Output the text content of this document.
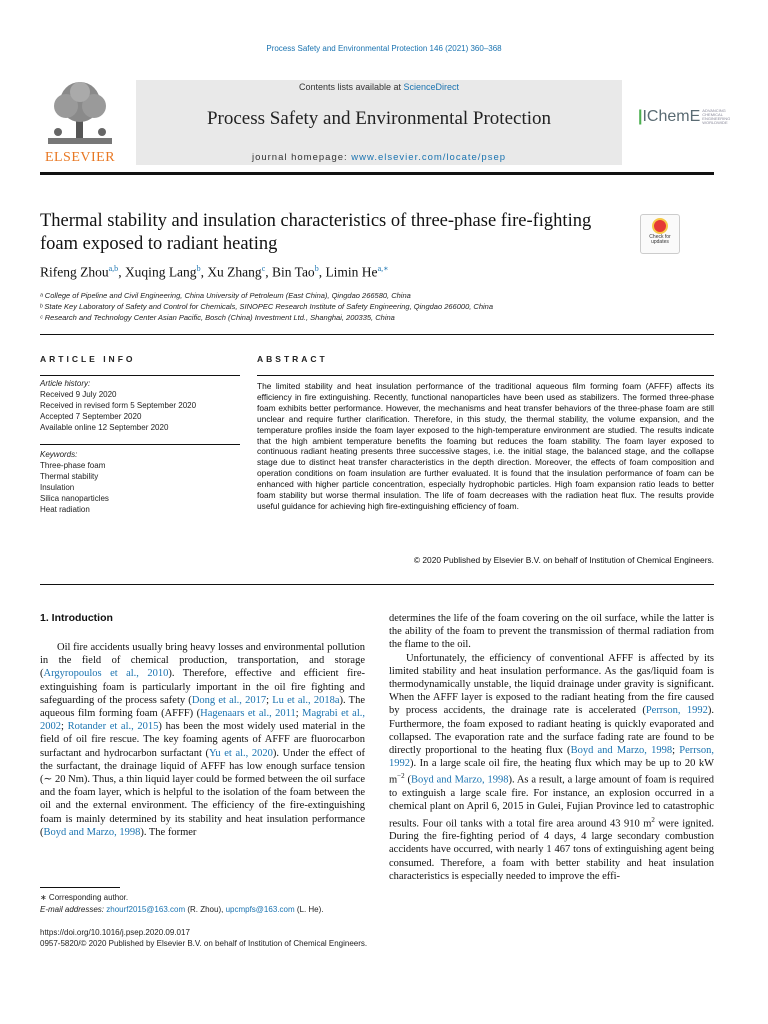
Process Safety and Environmental Protection 146 (2021) 360–368
Contents lists available at ScienceDirect
Process Safety and Environmental Protection
journal homepage: www.elsevier.com/locate/psep
ELSEVIER
|IChemE ADVANCING CHEMICAL ENGINEERING WORLDWIDE
Thermal stability and insulation characteristics of three-phase fire-fighting foam exposed to radiant heating	Check for
updates
Rifeng Zhou$^{a,b}$, Xuqing Lang$^b$, Xu Zhang$^c$, Bin Tao$^b$, Limin $He^{a,∗}$
ᵃ College of Pipeline and Civil Engineering, China University of Petroleum (East China), Qingdao 266580, China
ᵇ State Key Laboratory of Safety and Control for Chemicals, SINOPEC Research Institute of Safety Engineering, Qingdao 266000, China
ᶜ Research and Technology Center Asian Pacific, Bosch (China) Investment Ltd., Shanghai, 200335, China
ARTICLE INFO
Article history:
Received 9 July 2020
Received in revised form 5 September 2020
Accepted 7 September 2020
Available online 12 September 2020
Keywords:
Three-phase foam
Thermal stability
Insulation
Silica nanoparticles
Heat radiation
ABSTRACT
The limited stability and heat insulation performance of the traditional aqueous film forming foam (AFFF) affects its efficiency in fire extinguishing. Recently, functional nanoparticles have been used as stabilizers. The formed three-phase foam exhibits better performance. However, the mechanisms and heat transfer behaviors of the three-phase foam are still unclear and require further clarification. Therefore, in this study, the thermal stability, the volume expansion, and the temperature profiles inside the foam layer exposed to the high-temperature environment are studied. The results indicate that the high ambient temperature benefits the foaming but reduces the foam stability. The foam layer exposed to continuous radiant heating presents three successive stages, i.e. the initial stage, the balanced stage, and the collapse stage due to distinct heat transfer characteristics in the depth direction. Moreover, the effects of foam composition and operation conditions on foam insulation are further evaluated. It is found that the insulation performance of foam can be enhanced with higher particle concentration, especially hydrophobic particles. High foam expansion ratio leads to better foam stability but worse thermal insulation. The life of foam decreases with the radiation heat flux. The results provide useful guidance for achieving high fire-extinguishing efficiency of foam.
© 2020 Published by Elsevier B.V. on behalf of Institution of Chemical Engineers.
1. Introduction

Oil fire accidents usually bring heavy losses and environmental pollution in the field of chemical production, transportation, and storage (Argyropoulos et al., 2010). Therefore, effective and efficient fire-extinguishing foam is particularly important in the oil fire fighting and safeguarding of the process safety (Dong et al., 2017; Lu et al., 2018a). The aqueous film forming foam (AFFF) (Hagenaars et al., 2011; Magrabi et al., 2002; Rotander et al., 2015) has been the most widely used material in the field of oil fire rescue. The key foaming agents of AFFF are fluorocarbon surfactant and hydrocarbon surfactant (Yu et al., 2020). Under the effect of the surfactant, the drainage liquid of AFFF has low enough surface tension (∼ 20 Nm). Thus, a thin liquid layer could be formed between the oil surface and the foam layer, which is helpful to the isolation of the foam between the oil and the external environment. The efficiency of the fire-extinguishing foam is mainly determined by its stability and heat insulation performance (Boyd and Marzo, 1998). The former

determines the life of the foam covering on the oil surface, while the latter is the ability of the foam to prevent the transmission of thermal radiation from the flame to the oil.

Unfortunately, the efficiency of conventional AFFF is affected by its limited stability and heat insulation performance. As the gas/liquid foam is thermodynamically unstable, the liquid drainage under gravity is significant. When the AFFF layer is exposed to the radiant heating from the fire caused by process accidents, the drainage rate is accelerated (Perrson, 1992). Furthermore, the foam exposed to radiant heating is quickly evaporated and collapsed. The evaporation rate and the surface fading rate are found to be directly proportional to the heating flux (Boyd and Marzo, 1998; Perrson, 1992). In a large scale oil fire, the heating flux which may be up to 20 kW $m^{-2}$ (Boyd and Marzo, 1998). As a result, a large amount of foam is required to extinguish a large scale fire. For instance, an explosion occurred in a chemical plant on April 6, 2015 in Gulei, Fujian Province led to catastrophic results. Four oil tanks with a total fire area around 43 910 $m^2$ were ignited. During the fire-fighting period of 4 days, 4 large secondary combustion accidents have occurred, with nearly 1 467 tons of extinguishing agent being consumed. Therefore, a foam with better stability and heat insulation characteristics is especially needed to improve the effi-

∗ Corresponding author.
E-mail addresses: zhourf2015@163.com (R. Zhou), upcmpfs@163.com (L. He).
https://doi.org/10.1016/j.psep.2020.09.017
0957-5820/© 2020 Published by Elsevier B.V. on behalf of Institution of Chemical Engineers.
